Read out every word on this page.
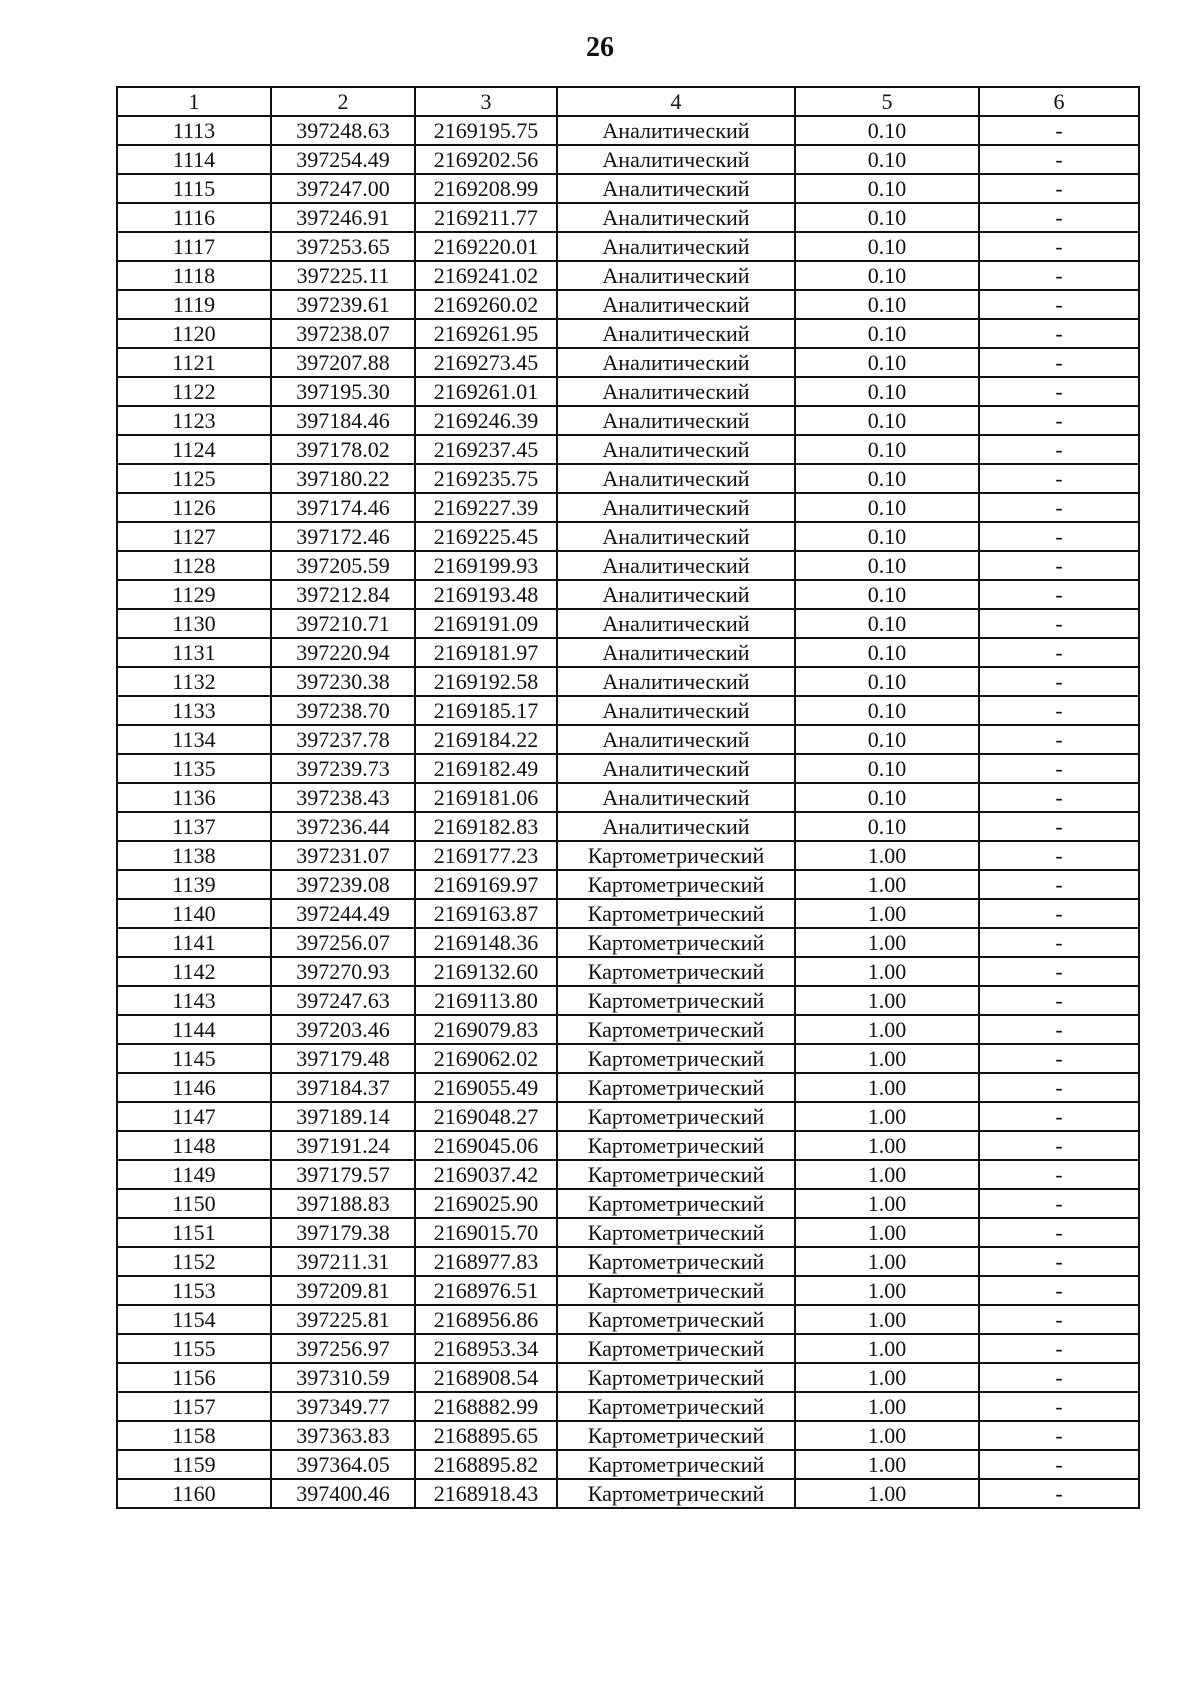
26
1	2	3	4	5	6
1113	397248.63	2169195.75	Аналитический	0.10	-
1114	397254.49	2169202.56	Аналитический	0.10	-
1115	397247.00	2169208.99	Аналитический	0.10	-
1116	397246.91	2169211.77	Аналитический	0.10	-
1117	397253.65	2169220.01	Аналитический	0.10	-
1118	397225.11	2169241.02	Аналитический	0.10	-
1119	397239.61	2169260.02	Аналитический	0.10	-
1120	397238.07	2169261.95	Аналитический	0.10	-
1121	397207.88	2169273.45	Аналитический	0.10	-
1122	397195.30	2169261.01	Аналитический	0.10	-
1123	397184.46	2169246.39	Аналитический	0.10	-
1124	397178.02	2169237.45	Аналитический	0.10	-
1125	397180.22	2169235.75	Аналитический	0.10	-
1126	397174.46	2169227.39	Аналитический	0.10	-
1127	397172.46	2169225.45	Аналитический	0.10	-
1128	397205.59	2169199.93	Аналитический	0.10	-
1129	397212.84	2169193.48	Аналитический	0.10	-
1130	397210.71	2169191.09	Аналитический	0.10	-
1131	397220.94	2169181.97	Аналитический	0.10	-
1132	397230.38	2169192.58	Аналитический	0.10	-
1133	397238.70	2169185.17	Аналитический	0.10	-
1134	397237.78	2169184.22	Аналитический	0.10	-
1135	397239.73	2169182.49	Аналитический	0.10	-
1136	397238.43	2169181.06	Аналитический	0.10	-
1137	397236.44	2169182.83	Аналитический	0.10	-
1138	397231.07	2169177.23	Картометрический	1.00	-
1139	397239.08	2169169.97	Картометрический	1.00	-
1140	397244.49	2169163.87	Картометрический	1.00	-
1141	397256.07	2169148.36	Картометрический	1.00	-
1142	397270.93	2169132.60	Картометрический	1.00	-
1143	397247.63	2169113.80	Картометрический	1.00	-
1144	397203.46	2169079.83	Картометрический	1.00	-
1145	397179.48	2169062.02	Картометрический	1.00	-
1146	397184.37	2169055.49	Картометрический	1.00	-
1147	397189.14	2169048.27	Картометрический	1.00	-
1148	397191.24	2169045.06	Картометрический	1.00	-
1149	397179.57	2169037.42	Картометрический	1.00	-
1150	397188.83	2169025.90	Картометрический	1.00	-
1151	397179.38	2169015.70	Картометрический	1.00	-
1152	397211.31	2168977.83	Картометрический	1.00	-
1153	397209.81	2168976.51	Картометрический	1.00	-
1154	397225.81	2168956.86	Картометрический	1.00	-
1155	397256.97	2168953.34	Картометрический	1.00	-
1156	397310.59	2168908.54	Картометрический	1.00	-
1157	397349.77	2168882.99	Картометрический	1.00	-
1158	397363.83	2168895.65	Картометрический	1.00	-
1159	397364.05	2168895.82	Картометрический	1.00	-
1160	397400.46	2168918.43	Картометрический	1.00	-
